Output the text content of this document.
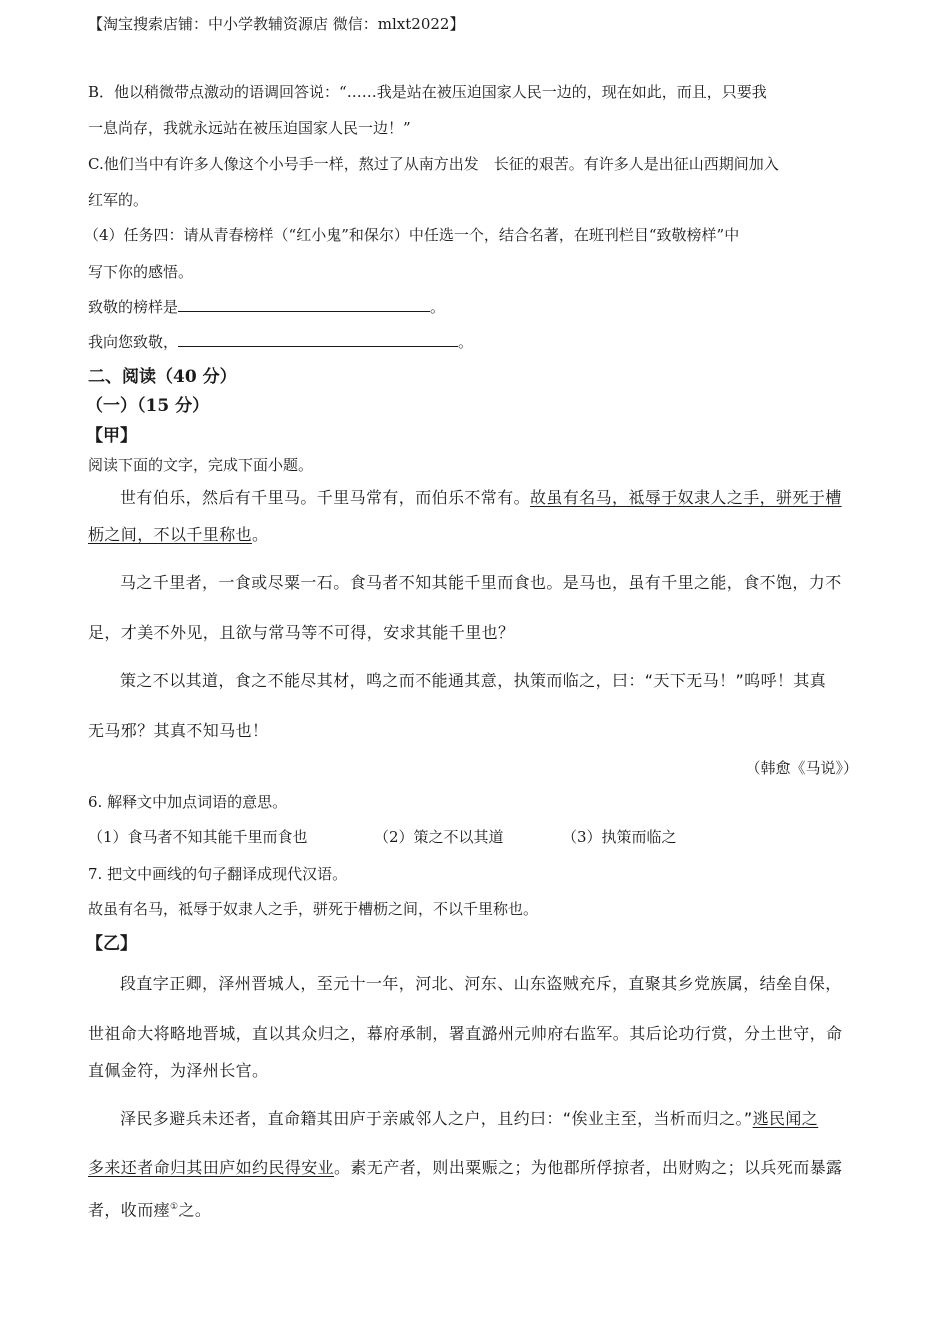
【淘宝搜索店铺：中小学教辅资源店 微信：mlxt2022】
B．他以稍微带点激动的语调回答说：“……我是站在被压迫国家人民一边的，现在如此，而且，只要我
一息尚存，我就永远站在被压迫国家人民一边！”
C.他们当中有许多人像这个小号手一样，熬过了从南方出发　长征的艰苦。有许多人是出征山西期间加入
红军的。
（4）任务四：请从青春榜样（“红小鬼”和保尔）中任选一个，结合名著，在班刊栏目“致敬榜样”中
写下你的感悟。
致敬的榜样是	。
我向您致敬，	。
二、阅读（40 分）
（一）（15 分）
【甲】
阅读下面的文字，完成下面小题。
世有伯乐，然后有千里马。千里马常有，而伯乐不常有。故虽有名马，祗辱于奴隶人之手，骈死于槽
枥之间，不以千里称也。
马之千里者，一食或尽粟一石。食马者不知其能千里而食也。是马也，虽有千里之能，食不饱，力不
足，才美不外见，且欲与常马等不可得，安求其能千里也？
策之不以其道，食之不能尽其材，鸣之而不能通其意，执策而临之，曰：“天下无马！”呜呼！其真
无马邪？其真不知马也！
（韩愈《马说》）
6. 解释文中加点词语的意思。
（1）食马者不知其能千里而食也	（2）策之不以其道	（3）执策而临之
7. 把文中画线的句子翻译成现代汉语。
故虽有名马，祗辱于奴隶人之手，骈死于槽枥之间，不以千里称也。
【乙】
段直字正卿，泽州晋城人，至元十一年，河北、河东、山东盗贼充斥，直聚其乡党族属，结垒自保，
世祖命大将略地晋城，直以其众归之，幕府承制，署直潞州元帅府右监军。其后论功行赏，分土世守，命
直佩金符，为泽州长官。
泽民多避兵未还者，直命籍其田庐于亲戚邻人之户，且约曰：“俟业主至，当析而归之。”逃民闻之
多来还者命归其田庐如约民得安业。素无产者，则出粟赈之；为他郡所俘掠者，出财购之；以兵死而暴露
者，收而瘗①之。
